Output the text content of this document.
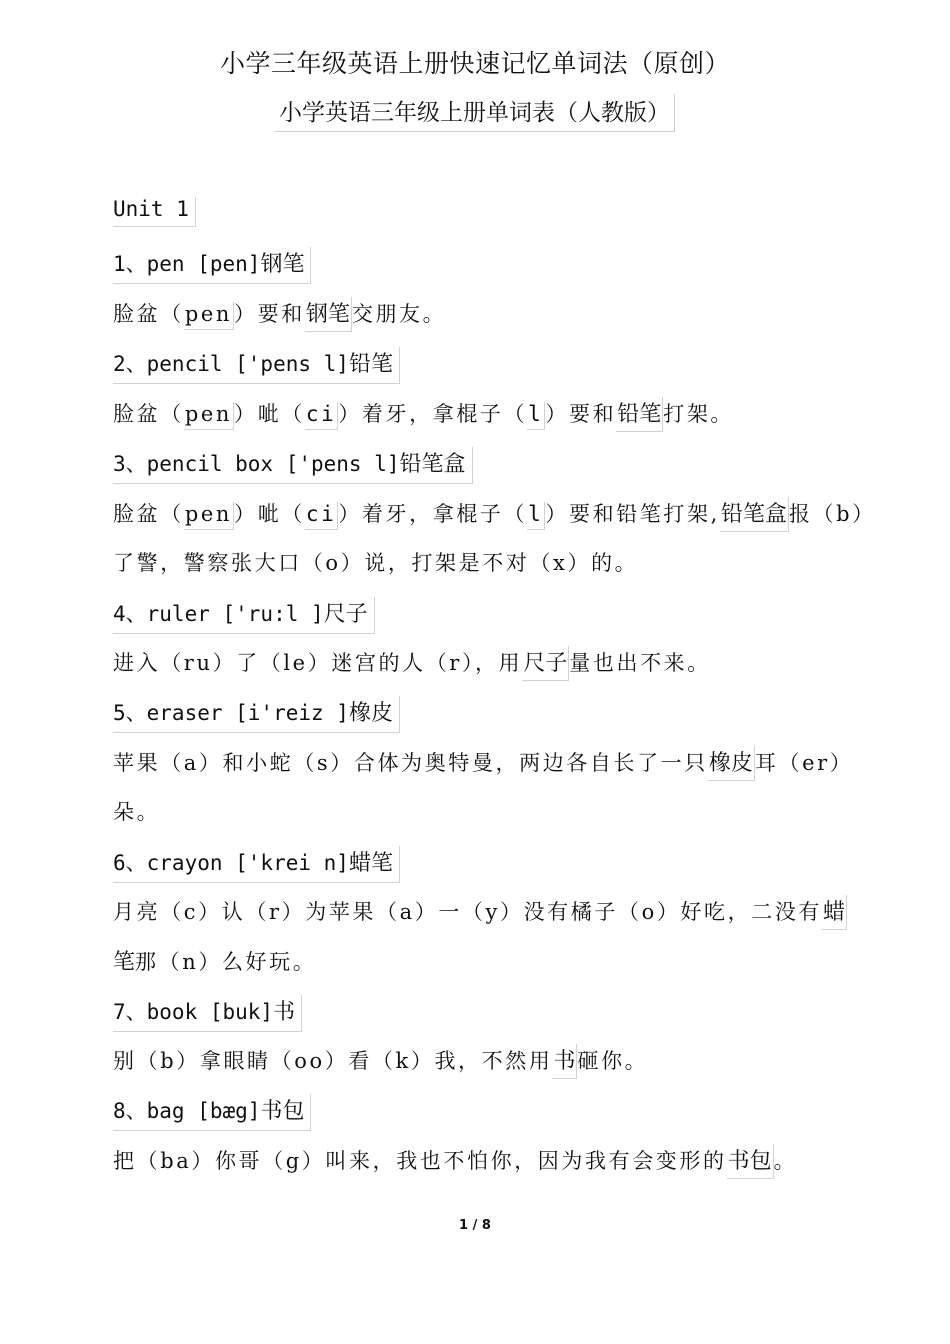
小学三年级英语上册快速记忆单词法（原创）
小学英语三年级上册单词表（人教版）
Unit 1
1、pen [pen]钢笔
脸盆（pen）要和钢笔交朋友。
2、pencil ['pens l]铅笔
脸盆（pen）呲（ci）着牙，拿棍子（l）要和铅笔打架。
3、pencil box ['pens l]铅笔盒
脸盆（pen）呲（ci）着牙，拿棍子（l）要和铅笔打架,铅笔盒报（b）
了警，警察张大口（o）说，打架是不对（x）的。
4、ruler ['ru:l ]尺子
进入（ru）了（le）迷宫的人（r），用尺子量也出不来。
5、eraser [i'reiz ]橡皮
苹果（a）和小蛇（s）合体为奥特曼，两边各自长了一只橡皮耳（er）
朵。
6、crayon ['krei n]蜡笔
月亮（c）认（r）为苹果（a）一（y）没有橘子（o）好吃，二没有蜡
笔那（n）么好玩。
7、book [buk]书
别（b）拿眼睛（oo）看（k）我，不然用书砸你。
8、bag [bæg]书包
把（ba）你哥（g）叫来，我也不怕你，因为我有会变形的书包。
1 / 8
